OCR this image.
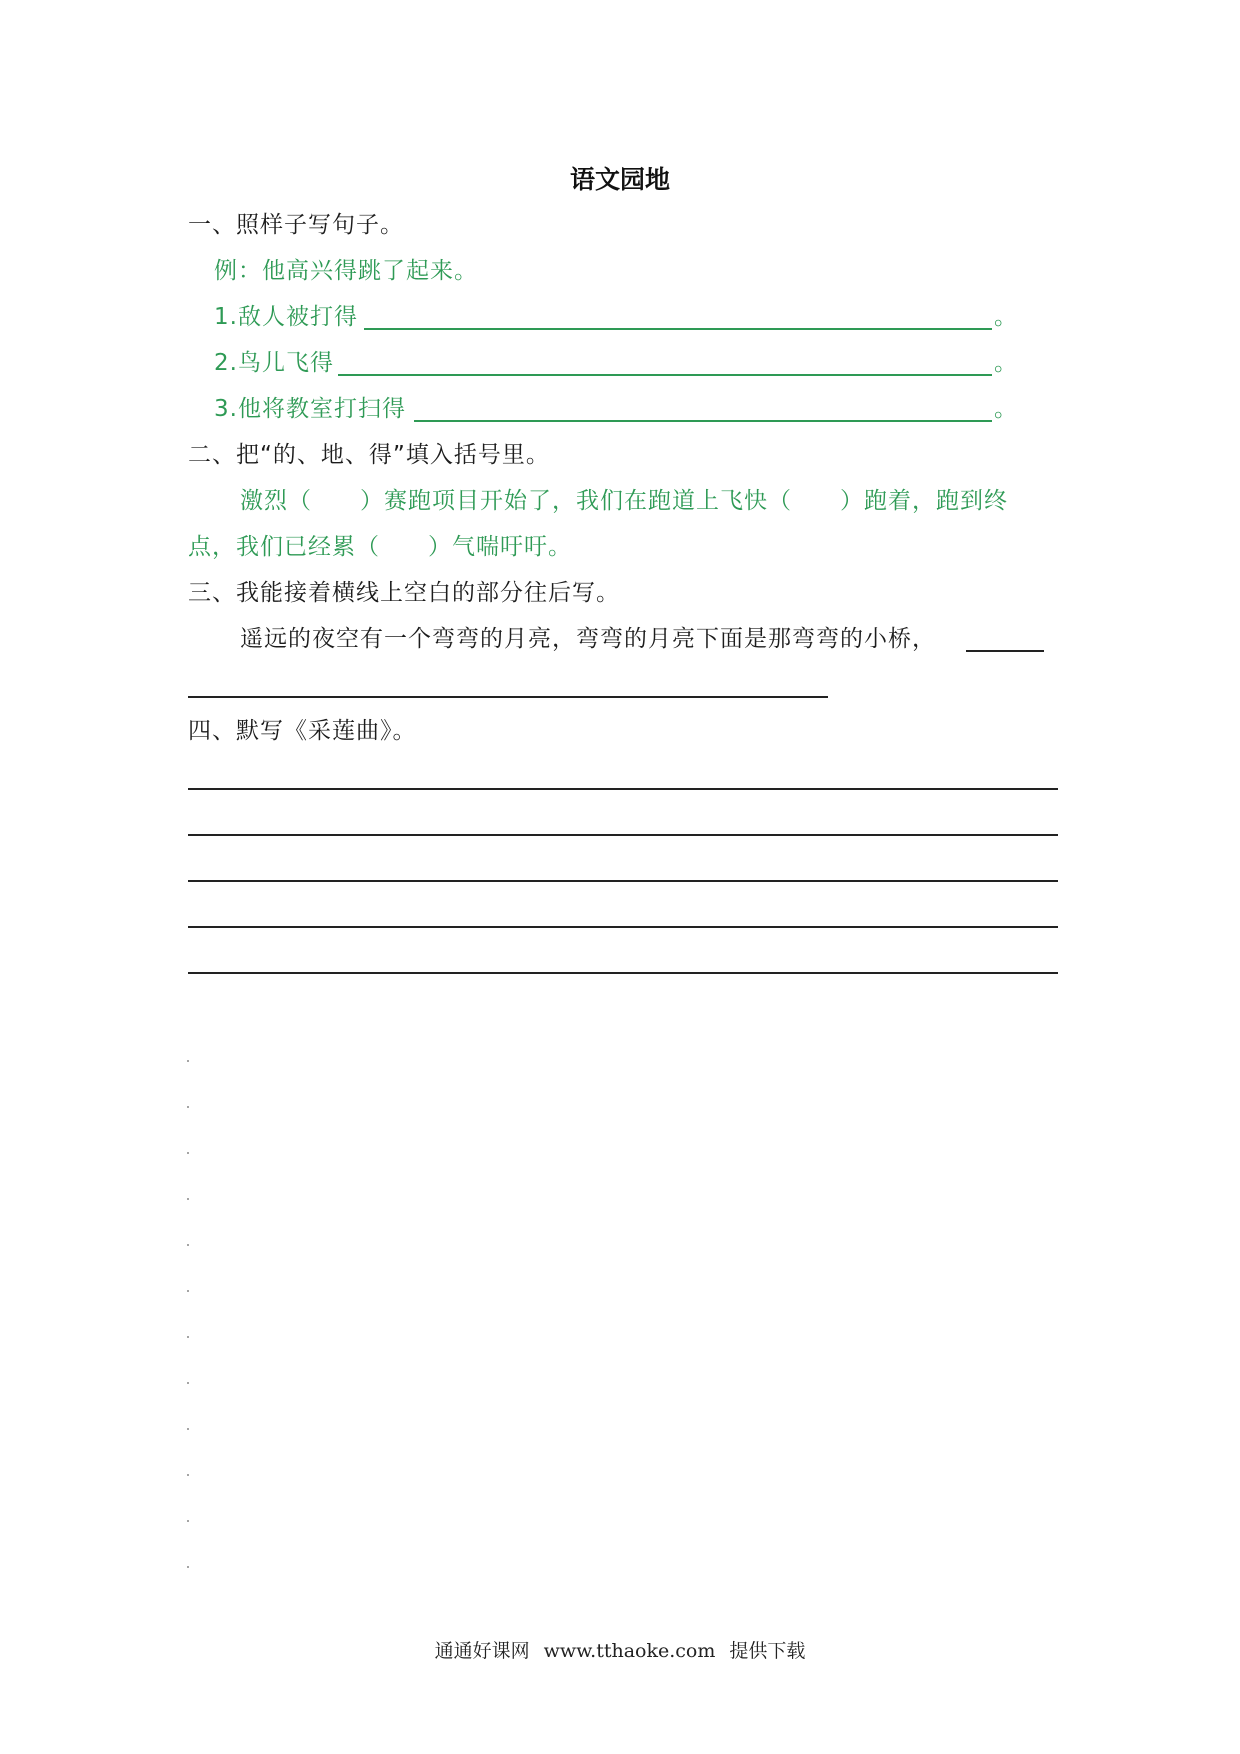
语文园地
一、照样子写句子。
例：他高兴得跳了起来。
1.敌人被打得	。
2.鸟儿飞得	。
3.他将教室打扫得	。
二、把“的、地、得”填入括号里。
激烈（　　）赛跑项目开始了，我们在跑道上飞快（　　）跑着，跑到终
点，我们已经累（　　）气喘吁吁。
三、我能接着横线上空白的部分往后写。
遥远的夜空有一个弯弯的月亮，弯弯的月亮下面是那弯弯的小桥，
四、默写《采莲曲》。
通通好课网 www.tthaoke.com 提供下载
